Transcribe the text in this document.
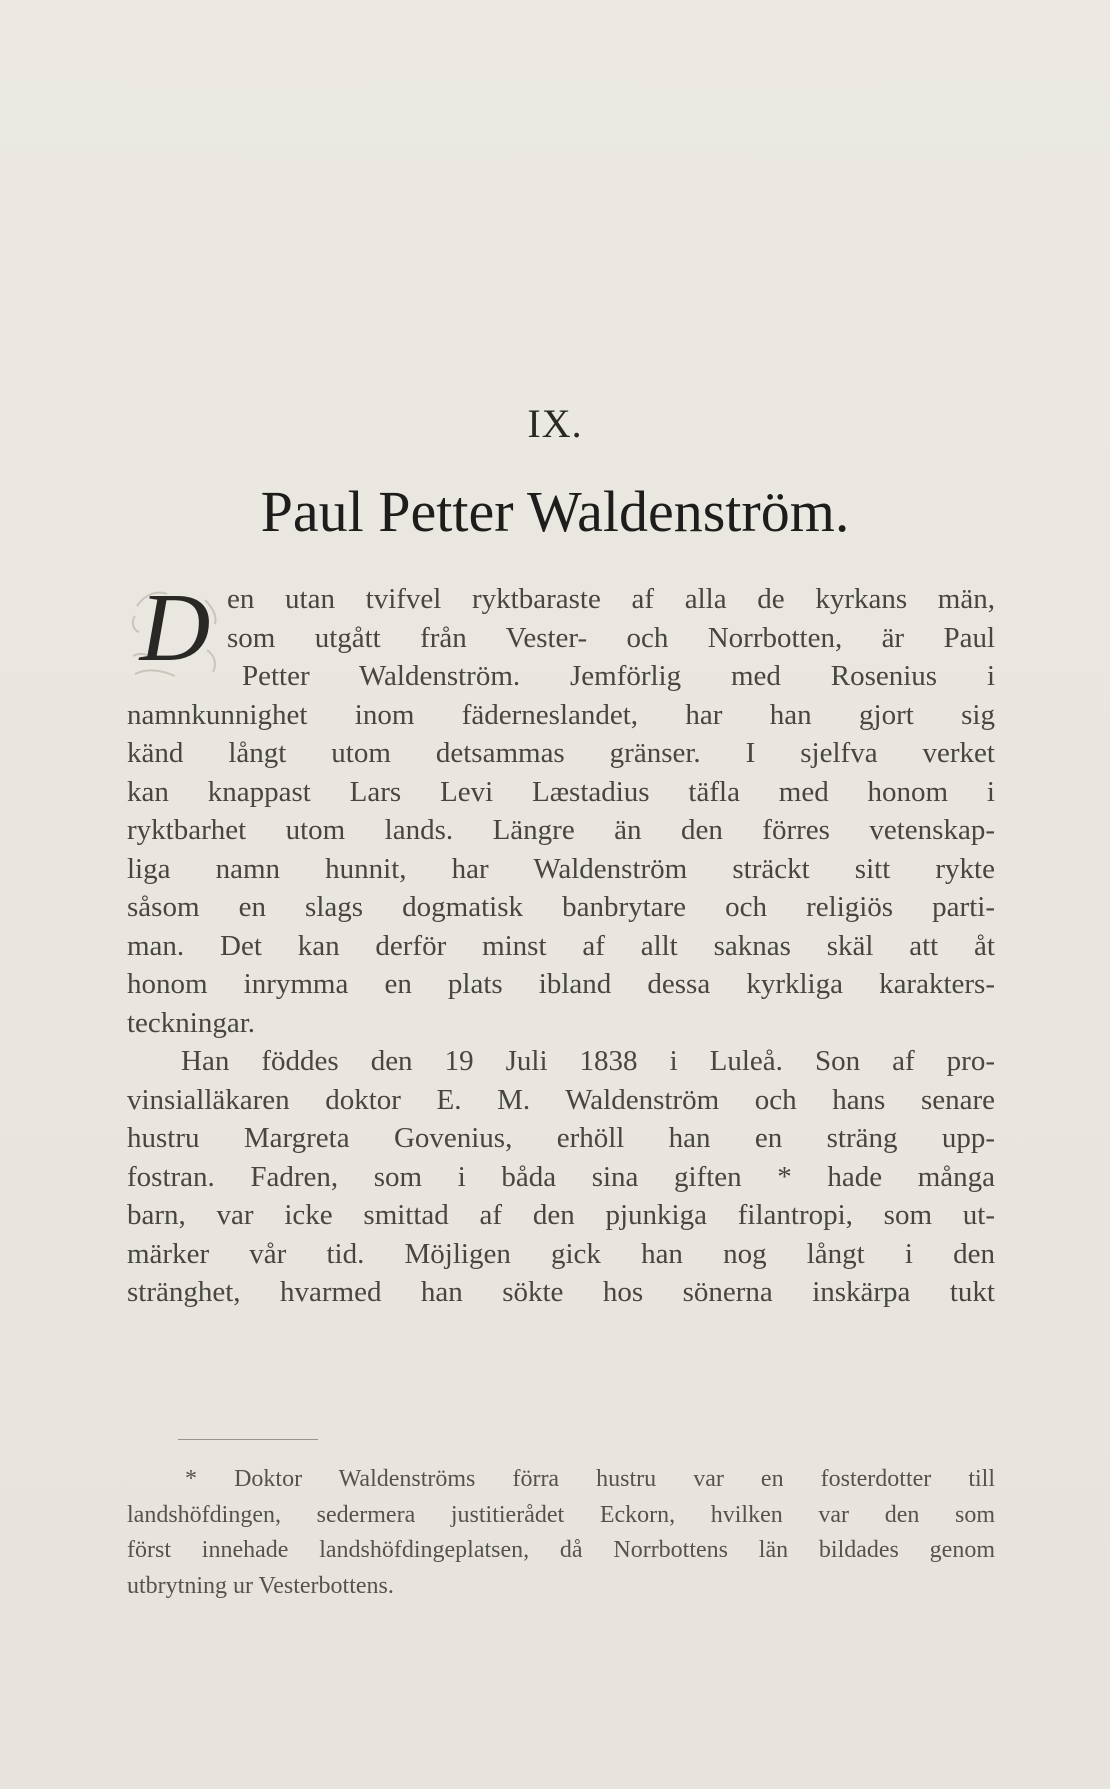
IX.
Paul Petter Waldenström.
D en utan tvifvel ryktbaraste af alla de kyrkans män,
som utgått från Vester- och Norrbotten, är Paul
Petter Waldenström. Jemförlig med Rosenius i
namnkunnighet inom fäderneslandet, har han gjort sig
känd långt utom detsammas gränser. I sjelfva verket
kan knappast Lars Levi Læstadius täfla med honom i
ryktbarhet utom lands. Längre än den förres vetenskap-
liga namn hunnit, har Waldenström sträckt sitt rykte
såsom en slags dogmatisk banbrytare och religiös parti-
man. Det kan derför minst af allt saknas skäl att åt
honom inrymma en plats ibland dessa kyrkliga karakters-
teckningar.
Han föddes den 19 Juli 1838 i Luleå. Son af pro-
vinsialläkaren doktor E. M. Waldenström och hans senare
hustru Margreta Govenius, erhöll han en sträng upp-
fostran. Fadren, som i båda sina giften * hade många
barn, var icke smittad af den pjunkiga filantropi, som ut-
märker vår tid. Möjligen gick han nog långt i den
stränghet, hvarmed han sökte hos sönerna inskärpa tukt
* Doktor Waldenströms förra hustru var en fosterdotter till
landshöfdingen, sedermera justitierådet Eckorn, hvilken var den som
först innehade landshöfdingeplatsen, då Norrbottens län bildades genom
utbrytning ur Vesterbottens.
